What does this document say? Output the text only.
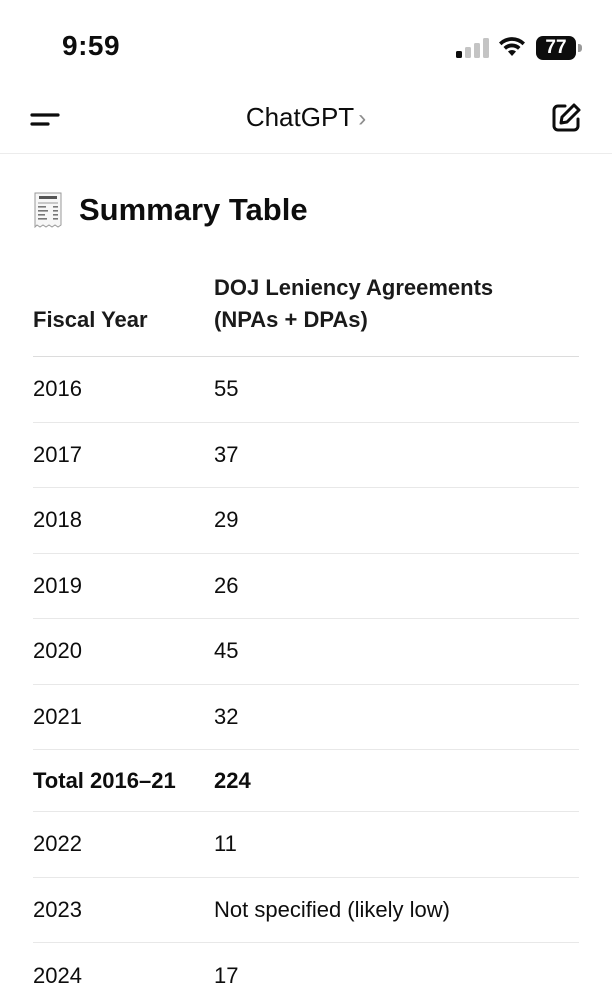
9:59	77
ChatGPT ›
Summary Table
Fiscal Year	DOJ Leniency Agreements (NPAs + DPAs)
2016	55
2017	37
2018	29
2019	26
2020	45
2021	32
Total 2016–21	224
2022	11
2023	Not specified (likely low)
2024	17
